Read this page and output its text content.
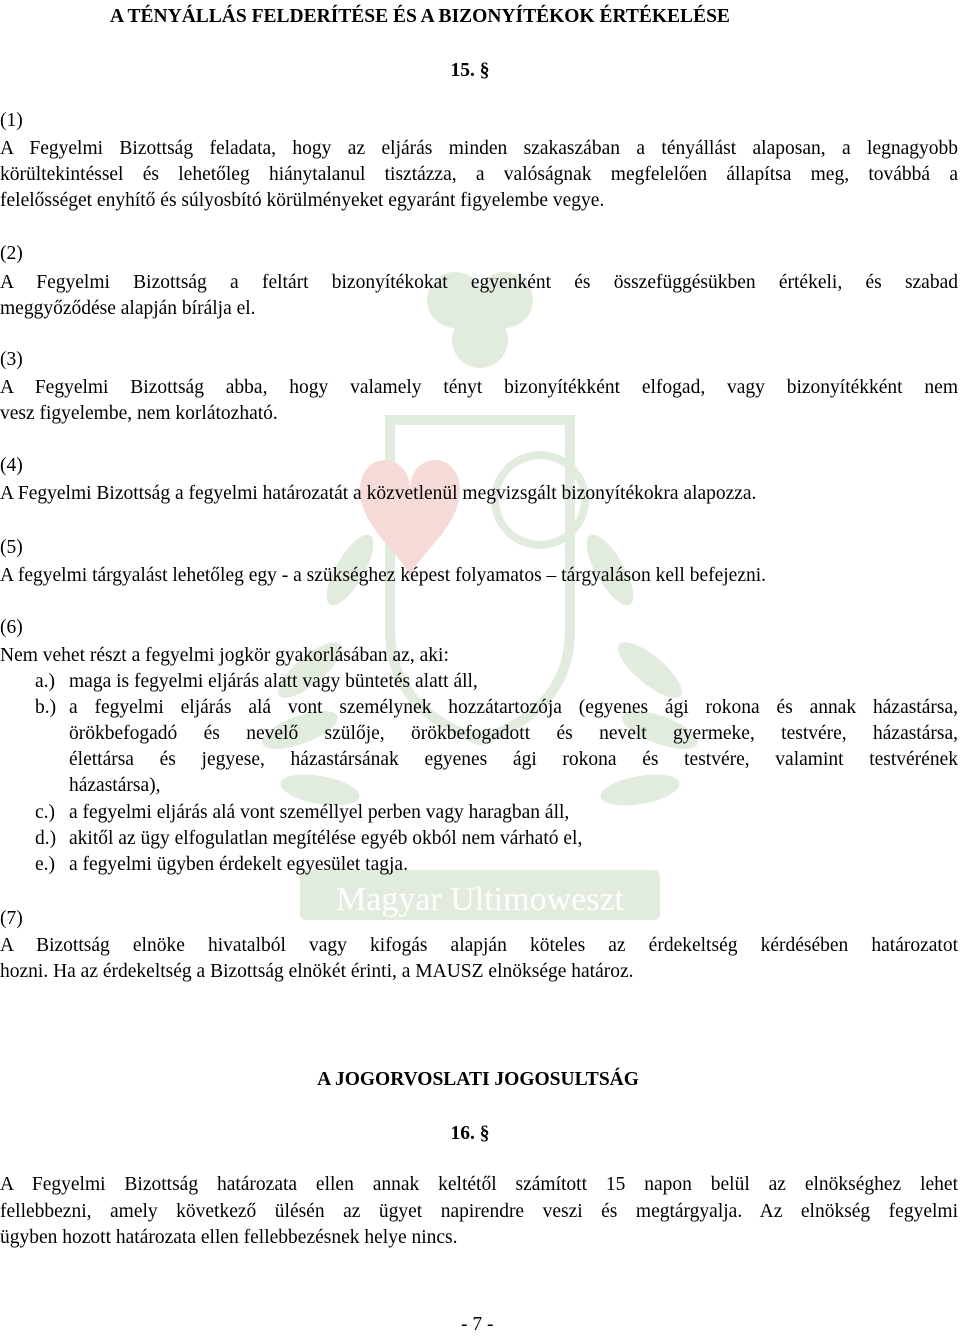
Magyar Ultimoweszt
A TÉNYÁLLÁS FELDERÍTÉSE ÉS A BIZONYÍTÉKOK ÉRTÉKELÉSE
15. §
(1)
A Fegyelmi Bizottság feladata, hogy az eljárás minden szakaszában a tényállást alaposan, a legnagyobb
körültekintéssel és lehetőleg hiánytalanul tisztázza, a valóságnak megfelelően állapítsa meg, továbbá a
felelősséget enyhítő és súlyosbító körülményeket egyaránt figyelembe vegye.
(2)
A Fegyelmi Bizottság a feltárt bizonyítékokat egyenként és összefüggésükben értékeli, és szabad
meggyőződése alapján bírálja el.
(3)
A Fegyelmi Bizottság abba, hogy valamely tényt bizonyítékként elfogad, vagy bizonyítékként nem
vesz figyelembe, nem korlátozható.
(4)
A Fegyelmi Bizottság a fegyelmi határozatát a közvetlenül megvizsgált bizonyítékokra alapozza.
(5)
A fegyelmi tárgyalást lehetőleg egy - a szükséghez képest folyamatos – tárgyaláson kell befejezni.
(6)
Nem vehet részt a fegyelmi jogkör gyakorlásában az, aki:
a.) maga is fegyelmi eljárás alatt vagy büntetés alatt áll,
b.) a fegyelmi eljárás alá vont személynek hozzátartozója (egyenes ági rokona és annak házastársa,
örökbefogadó és nevelő szülője, örökbefogadott és nevelt gyermeke, testvére, házastársa,
élettársa és jegyese, házastársának egyenes ági rokona és testvére, valamint testvérének
házastársa),
c.) a fegyelmi eljárás alá vont személlyel perben vagy haragban áll,
d.) akitől az ügy elfogulatlan megítélése egyéb okból nem várható el,
e.) a fegyelmi ügyben érdekelt egyesület tagja.
(7)
A Bizottság elnöke hivatalból vagy kifogás alapján köteles az érdekeltség kérdésében határozatot
hozni. Ha az érdekeltség a Bizottság elnökét érinti, a MAUSZ elnöksége határoz.
A JOGORVOSLATI JOGOSULTSÁG
16. §
A Fegyelmi Bizottság határozata ellen annak keltétől számított 15 napon belül az elnökséghez lehet
fellebbezni, amely következő ülésén az ügyet napirendre veszi és megtárgyalja. Az elnökség fegyelmi
ügyben hozott határozata ellen fellebbezésnek helye nincs.
- 7 -
